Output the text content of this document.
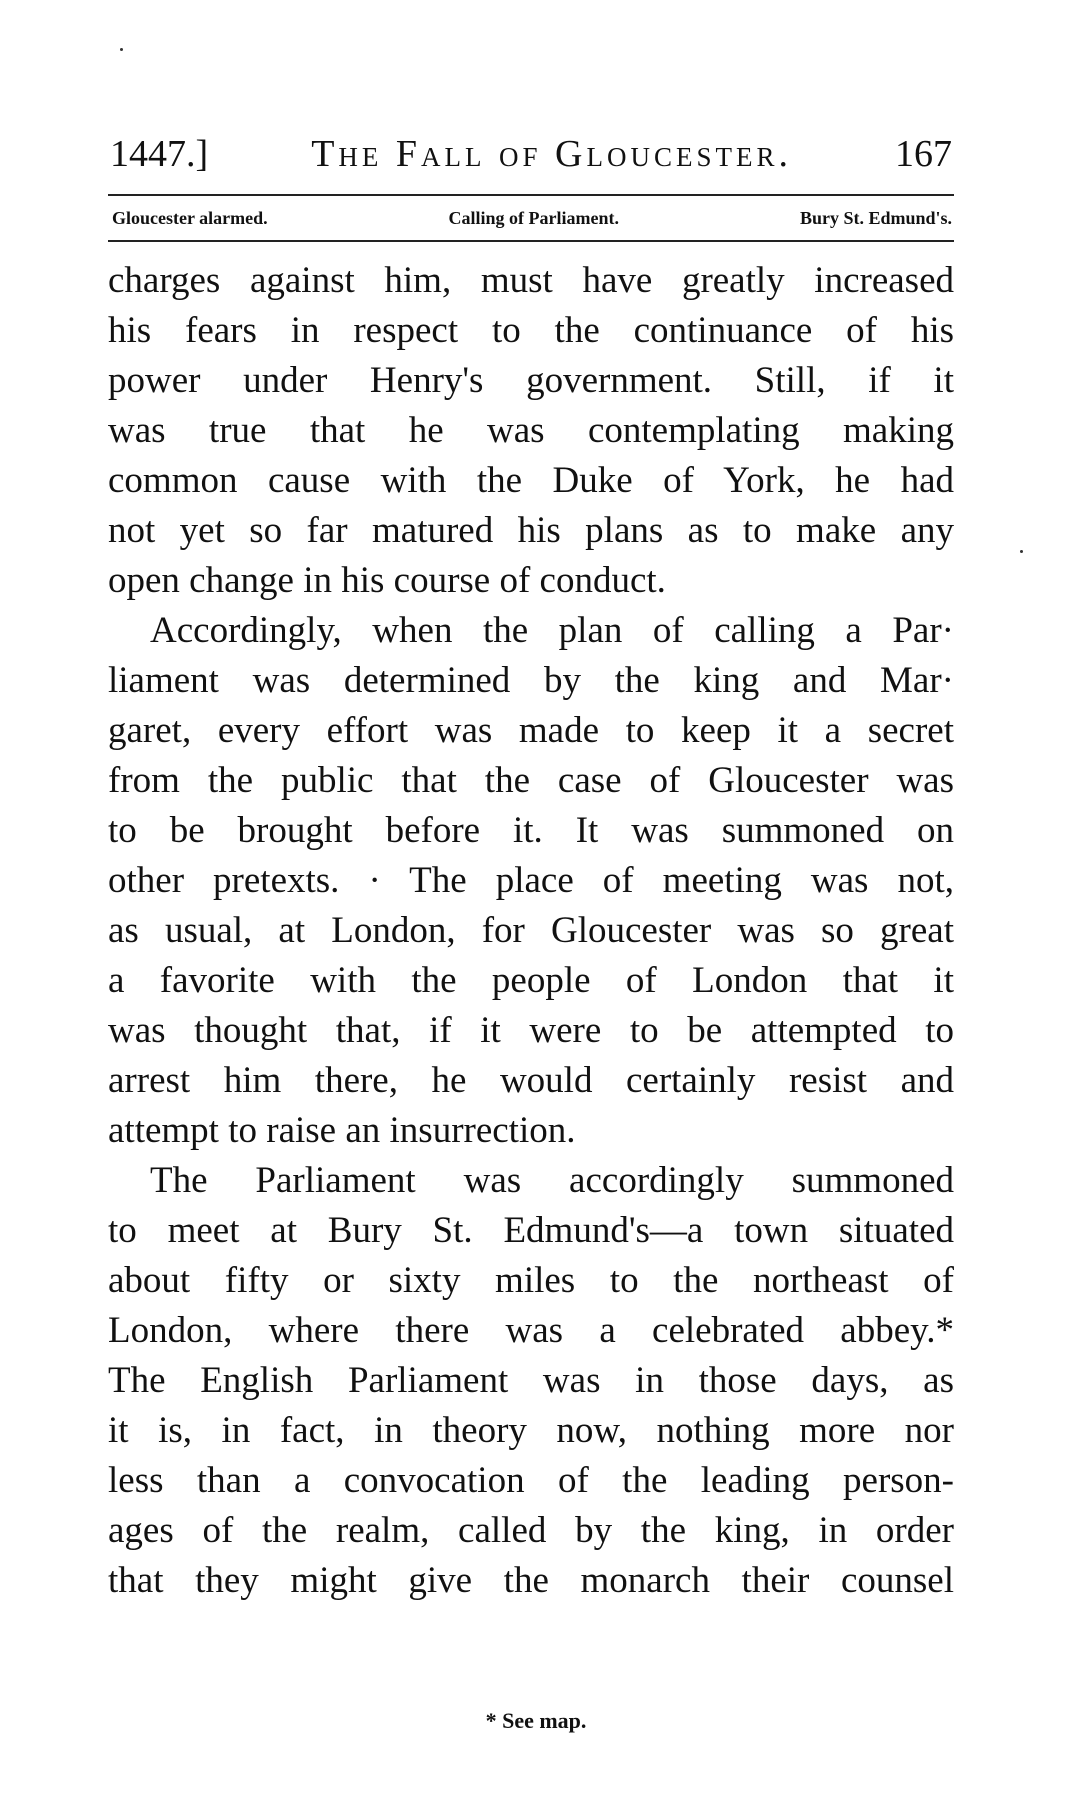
1447.]	The Fall of Gloucester.	167
Gloucester alarmed.	Calling of Parliament.	Bury St. Edmund's.
charges against him, must have greatly increased
his fears in respect to the continuance of his
power under Henry's government. Still, if it
was true that he was contemplating making
common cause with the Duke of York, he had
not yet so far matured his plans as to make any
open change in his course of conduct.
Accordingly, when the plan of calling a Par·
liament was determined by the king and Mar·
garet, every effort was made to keep it a secret
from the public that the case of Gloucester was
to be brought before it. It was summoned on
other pretexts. · The place of meeting was not,
as usual, at London, for Gloucester was so great
a favorite with the people of London that it
was thought that, if it were to be attempted to
arrest him there, he would certainly resist and
attempt to raise an insurrection.
The Parliament was accordingly summoned
to meet at Bury St. Edmund's—a town situated
about fifty or sixty miles to the northeast of
London, where there was a celebrated abbey.*
The English Parliament was in those days, as
it is, in fact, in theory now, nothing more nor
less than a convocation of the leading person-
ages of the realm, called by the king, in order
that they might give the monarch their counsel
* See map.
